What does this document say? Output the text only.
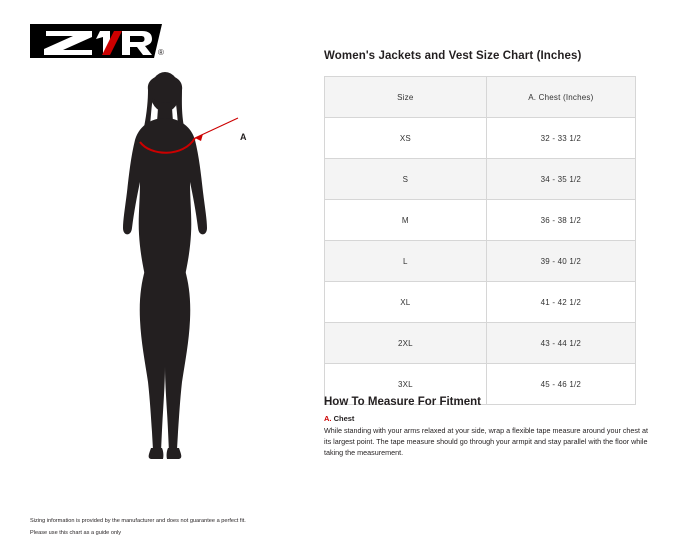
®
A
Women's Jackets and Vest Size Chart (Inches)
Size	A. Chest (Inches)
XS	32 - 33 1/2
S	34 - 35 1/2
M	36 - 38 1/2
L	39 - 40 1/2
XL	41 - 42 1/2
2XL	43 - 44 1/2
3XL	45 - 46 1/2
How To Measure For Fitment

A. Chest

While standing with your arms relaxed at your side, wrap a flexible tape measure around your chest at its largest point. The tape measure should go through your armpit and stay parallel with the floor while taking the measurement.

Sizing information is provided by the manufacturer and does not guarantee a perfect fit.

Please use this chart as a guide only
